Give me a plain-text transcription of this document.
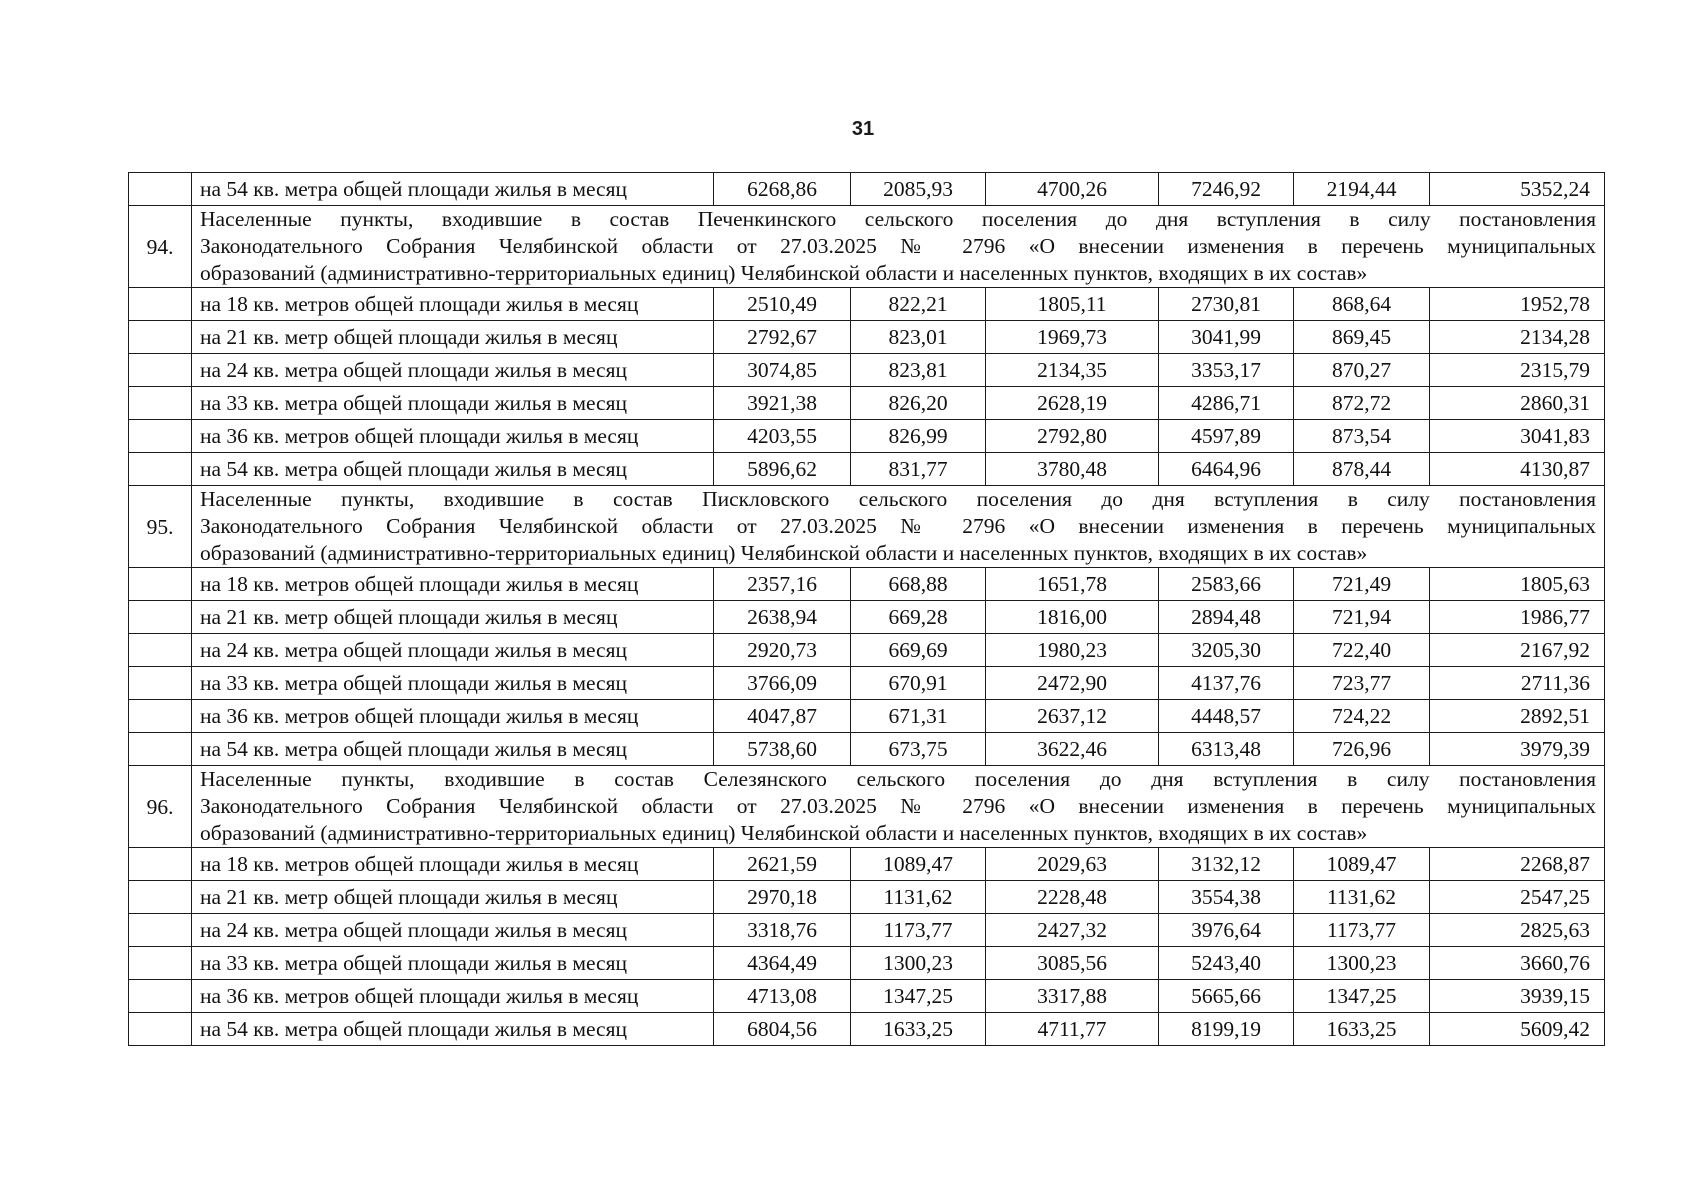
31
	на 54 кв. метра общей площади жилья в месяц	6268,86	2085,93	4700,26	7246,92	2194,44	5352,24
94.	Населенные пункты, входившие в состав Печенкинского сельского поселения до дня вступления в силу постановления
Законодательного Собрания Челябинской области от 27.03.2025 № 2796 «О внесении изменения в перечень муниципальных
образований (административно-территориальных единиц) Челябинской области и населенных пунктов, входящих в их состав»						

	на 18 кв. метров общей площади жилья в месяц	2510,49	822,21	1805,11	2730,81	868,64	1952,78
	на 21 кв. метр общей площади жилья в месяц	2792,67	823,01	1969,73	3041,99	869,45	2134,28
	на 24 кв. метра общей площади жилья в месяц	3074,85	823,81	2134,35	3353,17	870,27	2315,79
	на 33 кв. метра общей площади жилья в месяц	3921,38	826,20	2628,19	4286,71	872,72	2860,31
	на 36 кв. метров общей площади жилья в месяц	4203,55	826,99	2792,80	4597,89	873,54	3041,83
	на 54 кв. метра общей площади жилья в месяц	5896,62	831,77	3780,48	6464,96	878,44	4130,87
95.	Населенные пункты, входившие в состав Пискловского сельского поселения до дня вступления в силу постановления
Законодательного Собрания Челябинской области от 27.03.2025 № 2796 «О внесении изменения в перечень муниципальных
образований (административно-территориальных единиц) Челябинской области и населенных пунктов, входящих в их состав»						

	на 18 кв. метров общей площади жилья в месяц	2357,16	668,88	1651,78	2583,66	721,49	1805,63
	на 21 кв. метр общей площади жилья в месяц	2638,94	669,28	1816,00	2894,48	721,94	1986,77
	на 24 кв. метра общей площади жилья в месяц	2920,73	669,69	1980,23	3205,30	722,40	2167,92
	на 33 кв. метра общей площади жилья в месяц	3766,09	670,91	2472,90	4137,76	723,77	2711,36
	на 36 кв. метров общей площади жилья в месяц	4047,87	671,31	2637,12	4448,57	724,22	2892,51
	на 54 кв. метра общей площади жилья в месяц	5738,60	673,75	3622,46	6313,48	726,96	3979,39
96.	Населенные пункты, входившие в состав Селезянского сельского поселения до дня вступления в силу постановления
Законодательного Собрания Челябинской области от 27.03.2025 № 2796 «О внесении изменения в перечень муниципальных
образований (административно-территориальных единиц) Челябинской области и населенных пунктов, входящих в их состав»						

	на 18 кв. метров общей площади жилья в месяц	2621,59	1089,47	2029,63	3132,12	1089,47	2268,87
	на 21 кв. метр общей площади жилья в месяц	2970,18	1131,62	2228,48	3554,38	1131,62	2547,25
	на 24 кв. метра общей площади жилья в месяц	3318,76	1173,77	2427,32	3976,64	1173,77	2825,63
	на 33 кв. метра общей площади жилья в месяц	4364,49	1300,23	3085,56	5243,40	1300,23	3660,76
	на 36 кв. метров общей площади жилья в месяц	4713,08	1347,25	3317,88	5665,66	1347,25	3939,15
	на 54 кв. метра общей площади жилья в месяц	6804,56	1633,25	4711,77	8199,19	1633,25	5609,42
